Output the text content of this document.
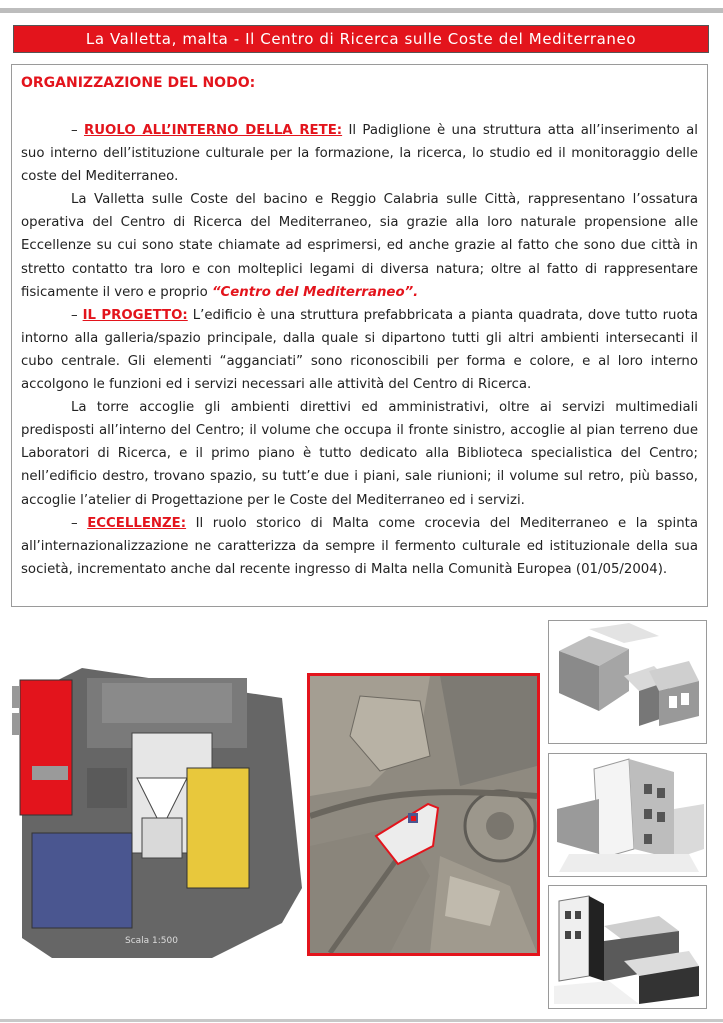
La Valletta, malta - Il Centro di Ricerca sulle Coste del Mediterraneo
ORGANIZZAZIONE DEL NODO:

– RUOLO ALL’INTERNO DELLA RETE: Il Padiglione è una struttura atta all’inserimento al suo interno dell’istituzione culturale per la formazione, la ricerca, lo studio ed il monitoraggio delle coste del Mediterraneo.

La Valletta sulle Coste del bacino e Reggio Calabria sulle Città, rappresentano l’ossatura operativa del Centro di Ricerca del Mediterraneo, sia grazie alla loro naturale propensione alle Eccellenze su cui sono state chiamate ad esprimersi, ed anche grazie al fatto che sono due città in stretto contatto tra loro e con molteplici legami di diversa natura; oltre al fatto di rappresentare fisicamente il vero e proprio “Centro del Mediterraneo”.

– IL PROGETTO: L’edificio è una struttura prefabbricata a pianta quadrata, dove tutto ruota intorno alla galleria/spazio principale, dalla quale si dipartono tutti gli altri ambienti intersecanti il cubo centrale. Gli elementi “agganciati” sono riconoscibili per forma e colore, e al loro interno accolgono le funzioni ed i servizi necessari alle attività del Centro di Ricerca.

La torre accoglie gli ambienti direttivi ed amministrativi, oltre ai servizi multimediali predisposti all’interno del Centro; il volume che occupa il fronte sinistro, accoglie al pian terreno due Laboratori di Ricerca, e il primo piano è tutto dedicato alla Biblioteca specialistica del Centro; nell’edificio destro, trovano spazio, su tutt’e due i piani, sale riunioni; il volume sul retro, più basso, accoglie l’atelier di Progettazione per le Coste del Mediterraneo ed i servizi.

– ECCELLENZE: Il ruolo storico di Malta come crocevia del Mediterraneo e la spinta all’internazionalizzazione ne caratterizza da sempre il fermento culturale ed istituzionale della sua società, incrementato anche dal recente ingresso di Malta nella Comunità Europea (01/05/2004).

Scala 1:500
